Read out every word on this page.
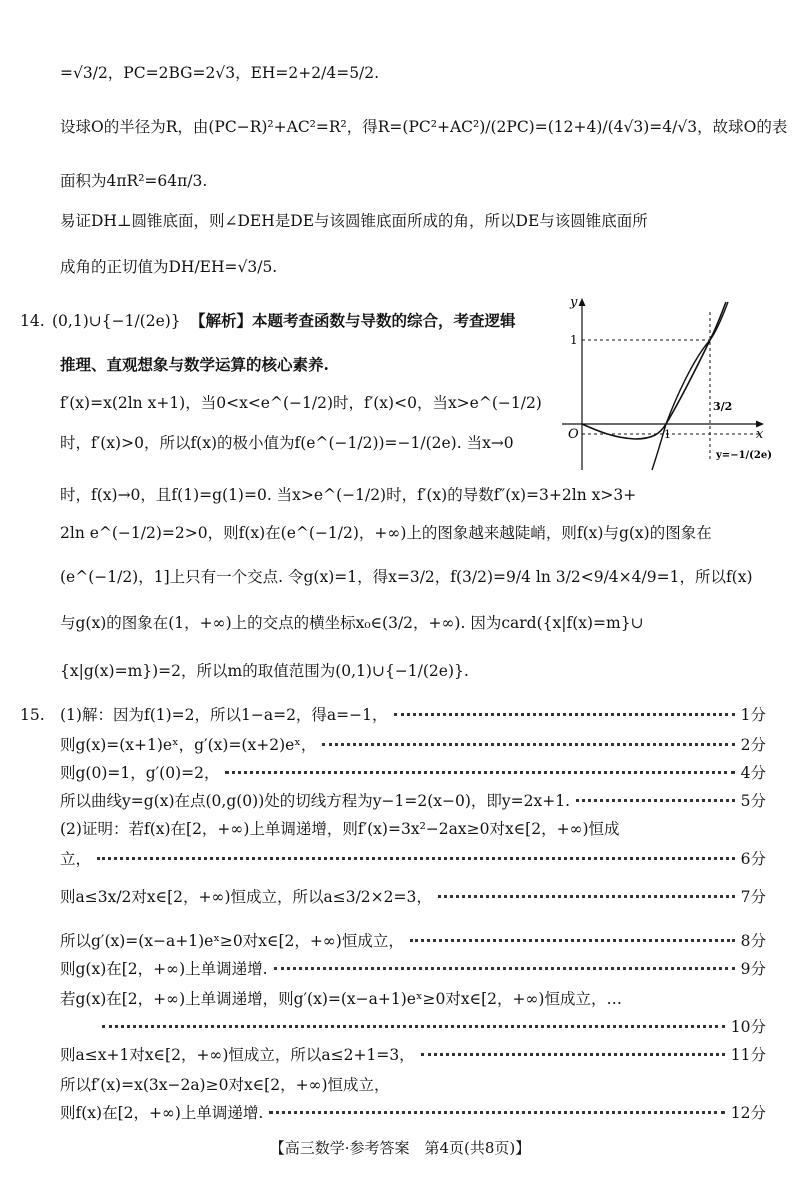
=√3/2，PC=2BG=2√3，EH=2+2/4=5/2.
设球O的半径为R，由(PC−R)²+AC²=R²，得R=(PC²+AC²)/(2PC)=(12+4)/(4√3)=4/√3，故球O的表
面积为4πR²=64π/3.
易证DH⊥圆锥底面，则∠DEH是DE与该圆锥底面所成的角，所以DE与该圆锥底面所
成角的正切值为DH/EH=√3/5.
14. (0,1)∪{−1/(2e)} 【解析】本题考查函数与导数的综合，考查逻辑
推理、直观想象与数学运算的核心素养.
f′(x)=x(2ln x+1)，当0<x<e^(−1/2)时，f′(x)<0，当x>e^(−1/2)
时，f′(x)>0，所以f(x)的极小值为f(e^(−1/2))=−1/(2e). 当x→0
时，f(x)→0，且f(1)=g(1)=0. 当x>e^(−1/2)时，f′(x)的导数f″(x)=3+2ln x>3+
2ln e^(−1/2)=2>0，则f(x)在(e^(−1/2)，+∞)上的图象越来越陡峭，则f(x)与g(x)的图象在
(e^(−1/2)，1]上只有一个交点. 令g(x)=1，得x=3/2，f(3/2)=9/4 ln 3/2<9/4×4/9=1，所以f(x)
与g(x)的图象在(1，+∞)上的交点的横坐标x₀∈(3/2，+∞). 因为card({x|f(x)=m}∪
{x|g(x)=m})=2，所以m的取值范围为(0,1)∪{−1/(2e)}.
y
x
O
1
1
3/2
y=−1/(2e)
15. (1)解：因为f(1)=2，所以1−a=2，得a=−1，	1分
则g(x)=(x+1)eˣ，g′(x)=(x+2)eˣ，	2分
则g(0)=1，g′(0)=2，	4分
所以曲线y=g(x)在点(0,g(0))处的切线方程为y−1=2(x−0)，即y=2x+1.	5分
(2)证明：若f(x)在[2，+∞)上单调递增，则f′(x)=3x²−2ax≥0对x∈[2，+∞)恒成
立，	6分
则a≤3x/2对x∈[2，+∞)恒成立，所以a≤3/2×2=3，	7分
所以g′(x)=(x−a+1)eˣ≥0对x∈[2，+∞)恒成立，	8分
则g(x)在[2，+∞)上单调递增.	9分
若g(x)在[2，+∞)上单调递增，则g′(x)=(x−a+1)eˣ≥0对x∈[2，+∞)恒成立，…
10分
则a≤x+1对x∈[2，+∞)恒成立，所以a≤2+1=3，	11分
所以f′(x)=x(3x−2a)≥0对x∈[2，+∞)恒成立，
则f(x)在[2，+∞)上单调递增.	12分
【高三数学·参考答案　第4页(共8页)】
